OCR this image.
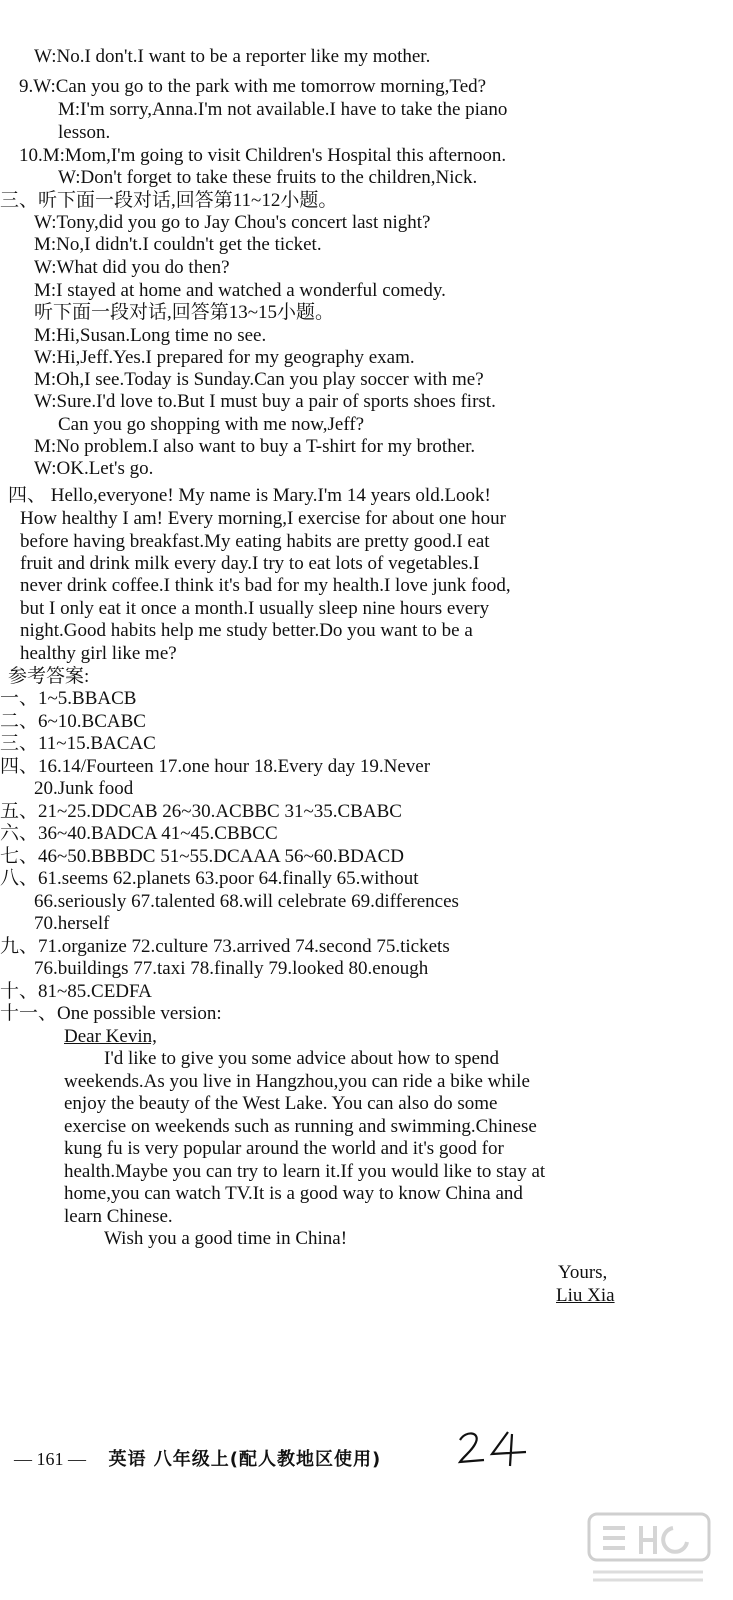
W:No.I don't.I want to be a reporter like my mother.
9.W:Can you go to the park with me tomorrow morning,Ted?
M:I'm sorry,Anna.I'm not available.I have to take the piano
lesson.
10.M:Mom,I'm going to visit Children's Hospital this afternoon.
W:Don't forget to take these fruits to the children,Nick.
三、听下面一段对话,回答第11~12小题。
W:Tony,did you go to Jay Chou's concert last night?
M:No,I didn't.I couldn't get the ticket.
W:What did you do then?
M:I stayed at home and watched a wonderful comedy.
听下面一段对话,回答第13~15小题。
M:Hi,Susan.Long time no see.
W:Hi,Jeff.Yes.I prepared for my geography exam.
M:Oh,I see.Today is Sunday.Can you play soccer with me?
W:Sure.I'd love to.But I must buy a pair of sports shoes first.
Can you go shopping with me now,Jeff?
M:No problem.I also want to buy a T-shirt for my brother.
W:OK.Let's go.
四、 Hello,everyone! My name is Mary.I'm 14 years old.Look!
How healthy I am! Every morning,I exercise for about one hour
before having breakfast.My eating habits are pretty good.I eat
fruit and drink milk every day.I try to eat lots of vegetables.I
never drink coffee.I think it's bad for my health.I love junk food,
but I only eat it once a month.I usually sleep nine hours every
night.Good habits help me study better.Do you want to be a
healthy girl like me?
参考答案:
一、1~5.BBACB
二、6~10.BCABC
三、11~15.BACAC
四、16.14/Fourteen 17.one hour 18.Every day 19.Never
20.Junk food
五、21~25.DDCAB 26~30.ACBBC 31~35.CBABC
六、36~40.BADCA 41~45.CBBCC
七、46~50.BBBDC 51~55.DCAAA 56~60.BDACD
八、61.seems 62.planets 63.poor 64.finally 65.without
66.seriously 67.talented 68.will celebrate 69.differences
70.herself
九、71.organize 72.culture 73.arrived 74.second 75.tickets
76.buildings 77.taxi 78.finally 79.looked 80.enough
十、81~85.CEDFA
十一、One possible version:
Dear Kevin,
I'd like to give you some advice about how to spend
weekends.As you live in Hangzhou,you can ride a bike while
enjoy the beauty of the West Lake. You can also do some
exercise on weekends such as running and swimming.Chinese
kung fu is very popular around the world and it's good for
health.Maybe you can try to learn it.If you would like to stay at
home,you can watch TV.It is a good way to know China and
learn Chinese.
Wish you a good time in China!
Yours,
Liu Xia
— 161 — 英语 八年级上(配人教地区使用)
